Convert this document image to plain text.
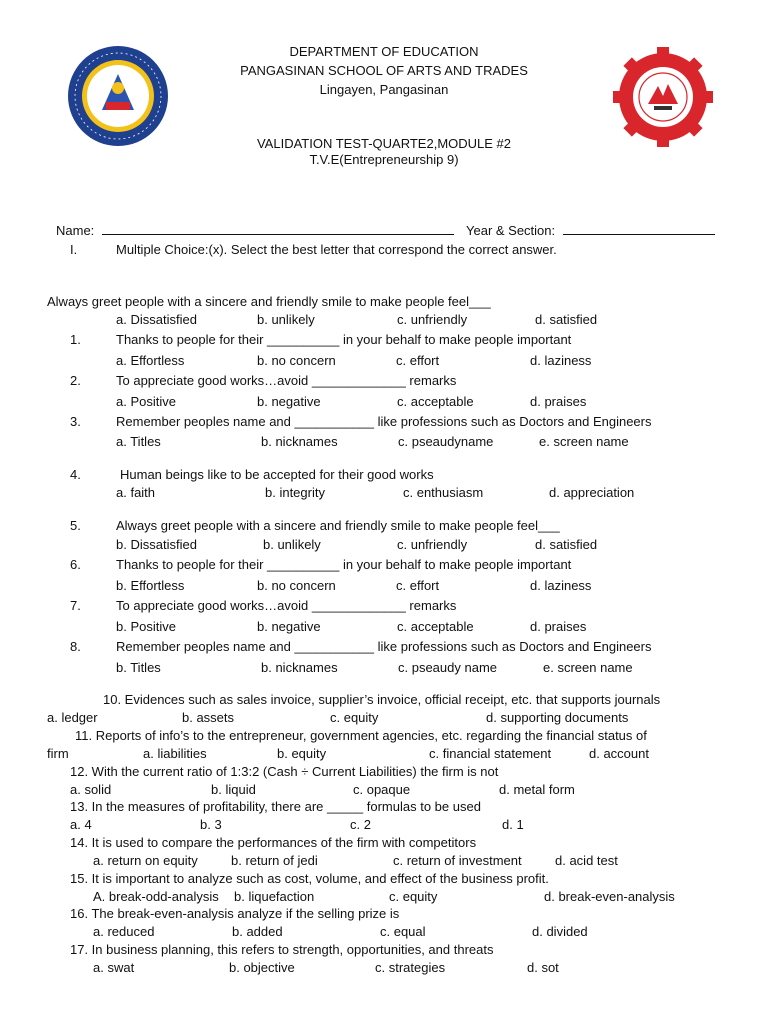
DEPARTMENT OF EDUCATION
PANGASINAN SCHOOL OF ARTS AND TRADES
Lingayen, Pangasinan
VALIDATION TEST-QUARTE2,MODULE #2
T.V.E(Entrepreneurship 9)
Name:	Year & Section:
I.	Multiple Choice:(x). Select the best letter that correspond the correct answer.
Always greet people with a sincere and friendly smile to make people feel___
a. Dissatisfied	b. unlikely	c. unfriendly	d. satisfied
1.	Thanks to people for their __________ in your behalf to make people important
a. Effortless	b. no concern	c. effort	d. laziness
2.	To appreciate good works…avoid _____________ remarks
a. Positive	b. negative	c. acceptable	d. praises
3.	Remember peoples name and ___________ like professions such as Doctors and Engineers
a. Titles	b. nicknames	c. pseaudyname	e. screen name
4.	Human beings like to be accepted for their good works
a. faith	b. integrity	c. enthusiasm	d. appreciation
5.	Always greet people with a sincere and friendly smile to make people feel___
b. Dissatisfied	b. unlikely	c. unfriendly	d. satisfied
6.	Thanks to people for their __________ in your behalf to make people important
b. Effortless	b. no concern	c. effort	d. laziness
7.	To appreciate good works…avoid _____________ remarks
b. Positive	b. negative	c. acceptable	d. praises
8.	Remember peoples name and ___________ like professions such as Doctors and Engineers
b. Titles	b. nicknames	c. pseaudy name	e. screen name
10. Evidences such as sales invoice, supplier’s invoice, official receipt, etc. that supports journals
a. ledger	b. assets	c. equity	d. supporting documents
11. Reports of info’s to the entrepreneur, government agencies, etc. regarding the financial status of
firm	a. liabilities	b. equity	c. financial statement	d. account
12. With the current ratio of 1:3:2 (Cash ÷ Current Liabilities) the firm is not
a. solid	b. liquid	c. opaque	d. metal form
13. In the measures of profitability, there are _____ formulas to be used
a. 4	b. 3	c. 2	d. 1
14. It is used to compare the performances of the firm with competitors
a. return on equity	b. return of jedi	c. return of investment	d. acid test
15. It is important to analyze such as cost, volume, and effect of the business profit.
A. break-odd-analysis b. liquefaction	c. equity	d. break-even-analysis
16. The break-even-analysis analyze if the selling prize is
a. reduced	b. added	c. equal	d. divided
17. In business planning, this refers to strength, opportunities, and threats
a. swat	b. objective	c. strategies	d. sot
